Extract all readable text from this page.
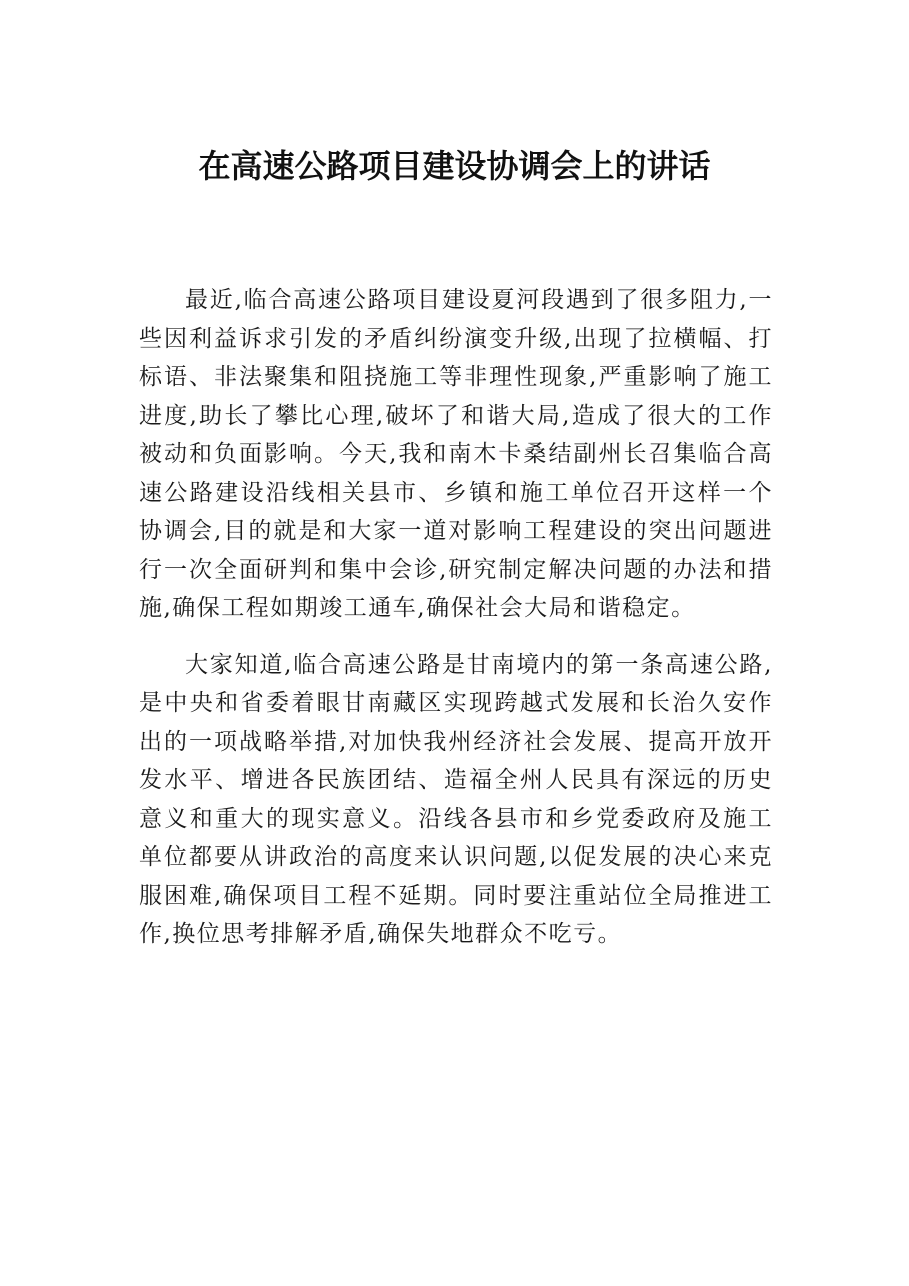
在高速公路项目建设协调会上的讲话

最近,临合高速公路项目建设夏河段遇到了很多阻力,一些因利益诉求引发的矛盾纠纷演变升级,出现了拉横幅、打标语、非法聚集和阻挠施工等非理性现象,严重影响了施工进度,助长了攀比心理,破坏了和谐大局,造成了很大的工作被动和负面影响。今天,我和南木卡桑结副州长召集临合高速公路建设沿线相关县市、乡镇和施工单位召开这样一个协调会,目的就是和大家一道对影响工程建设的突出问题进行一次全面研判和集中会诊,研究制定解决问题的办法和措施,确保工程如期竣工通车,确保社会大局和谐稳定。

大家知道,临合高速公路是甘南境内的第一条高速公路,是中央和省委着眼甘南藏区实现跨越式发展和长治久安作出的一项战略举措,对加快我州经济社会发展、提高开放开发水平、增进各民族团结、造福全州人民具有深远的历史意义和重大的现实意义。沿线各县市和乡党委政府及施工单位都要从讲政治的高度来认识问题,以促发展的决心来克服困难,确保项目工程不延期。同时要注重站位全局推进工作,换位思考排解矛盾,确保失地群众不吃亏。
